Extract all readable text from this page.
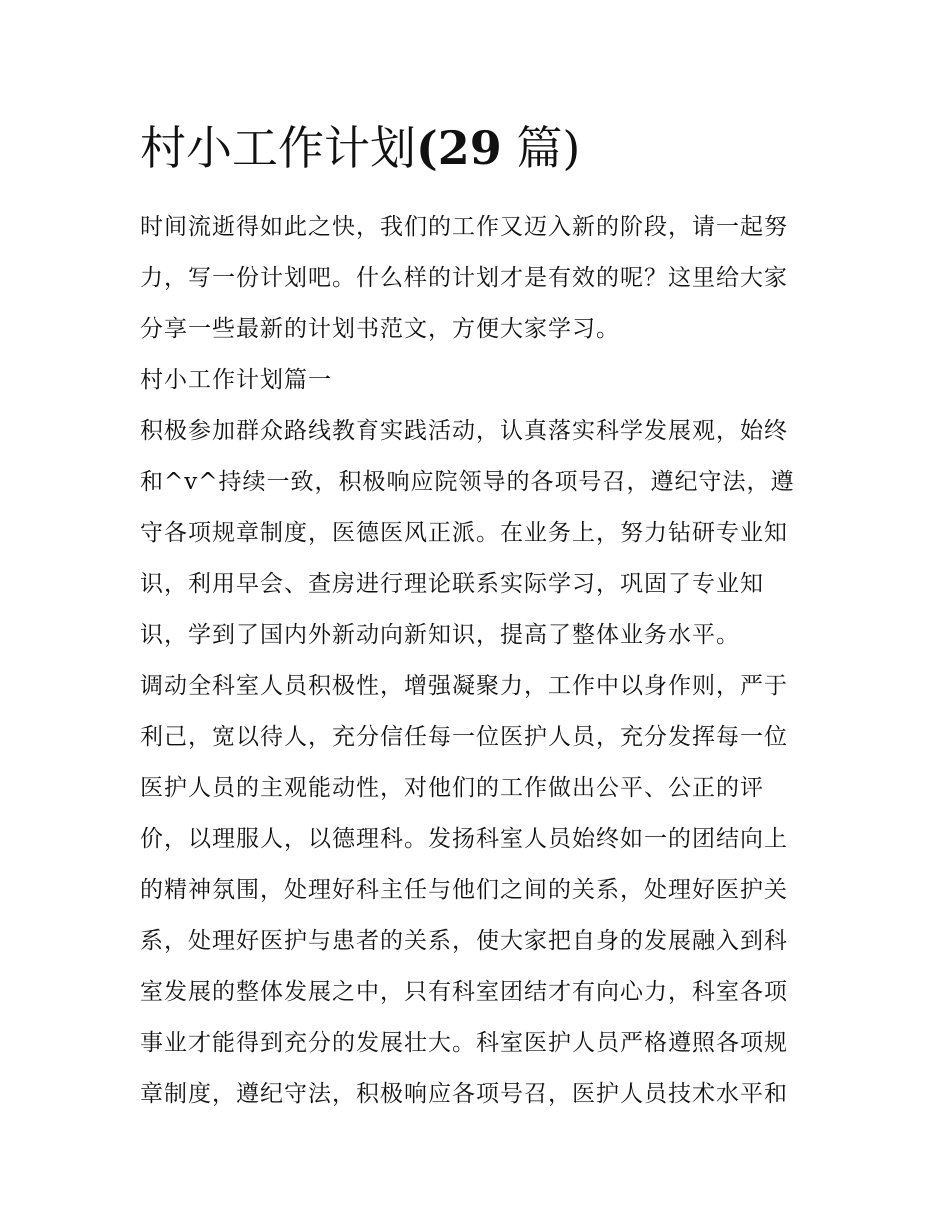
村小工作计划(29 篇)
时间流逝得如此之快，我们的工作又迈入新的阶段，请一起努
力，写一份计划吧。什么样的计划才是有效的呢？这里给大家
分享一些最新的计划书范文，方便大家学习。
村小工作计划篇一
积极参加群众路线教育实践活动，认真落实科学发展观，始终
和^v^持续一致，积极响应院领导的各项号召，遵纪守法，遵
守各项规章制度，医德医风正派。在业务上，努力钻研专业知
识，利用早会、查房进行理论联系实际学习，巩固了专业知
识，学到了国内外新动向新知识，提高了整体业务水平。
调动全科室人员积极性，增强凝聚力，工作中以身作则，严于
利己，宽以待人，充分信任每一位医护人员，充分发挥每一位
医护人员的主观能动性，对他们的工作做出公平、公正的评
价，以理服人，以德理科。发扬科室人员始终如一的团结向上
的精神氛围，处理好科主任与他们之间的关系，处理好医护关
系，处理好医护与患者的关系，使大家把自身的发展融入到科
室发展的整体发展之中，只有科室团结才有向心力，科室各项
事业才能得到充分的发展壮大。科室医护人员严格遵照各项规
章制度，遵纪守法，积极响应各项号召，医护人员技术水平和
